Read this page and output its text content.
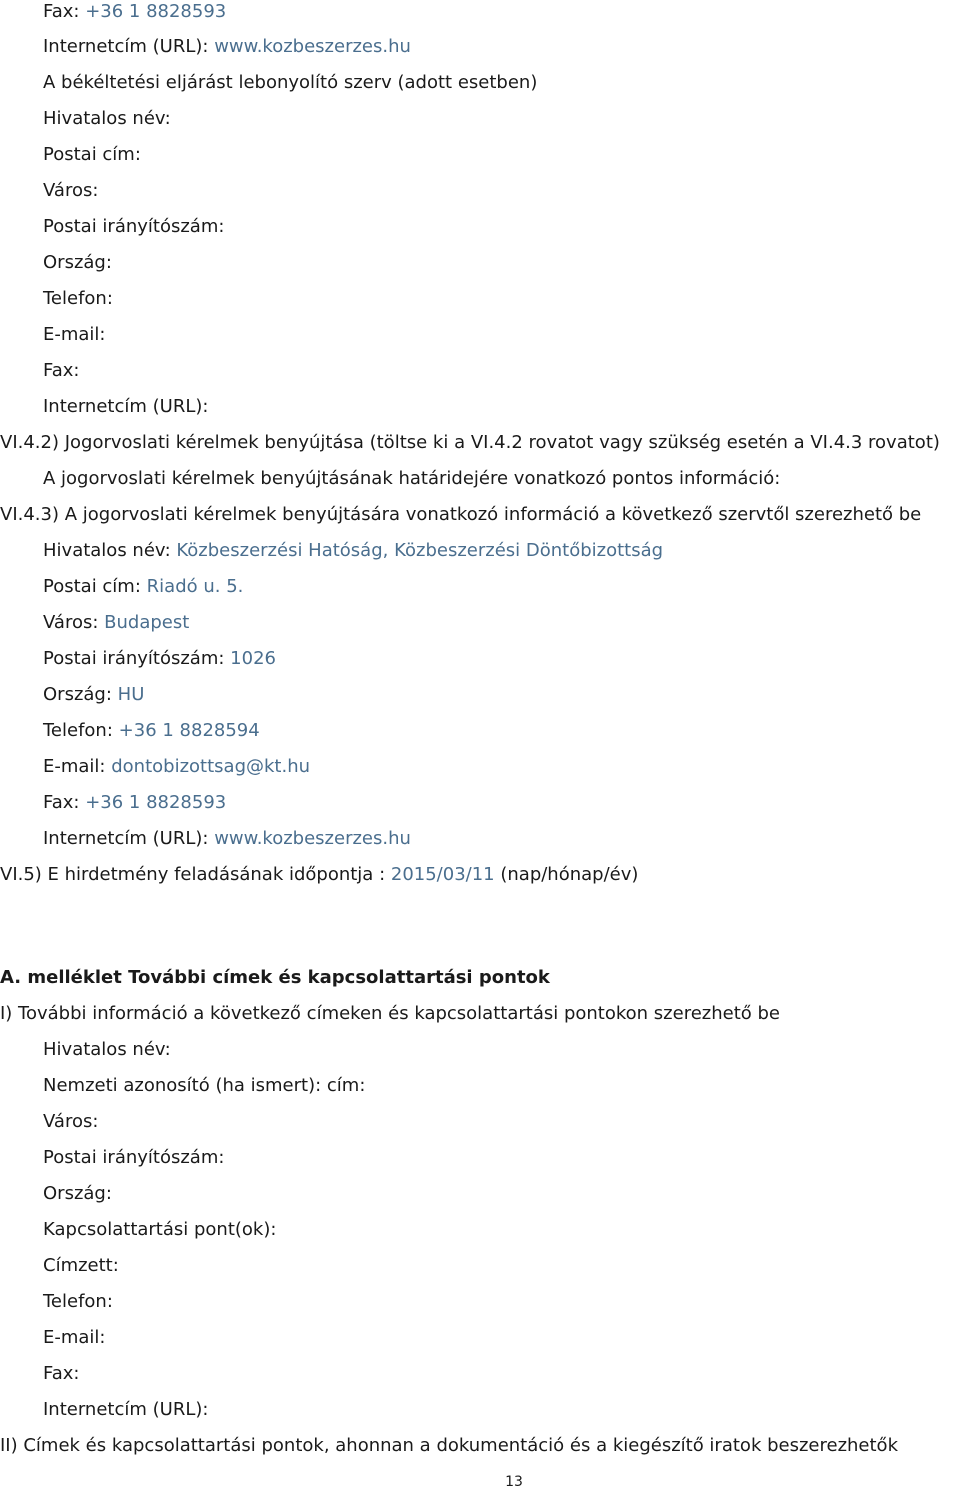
Fax: +36 1 8828593
Internetcím (URL): www.kozbeszerzes.hu
A békéltetési eljárást lebonyolító szerv (adott esetben)
Hivatalos név:
Postai cím:
Város:
Postai irányítószám:
Ország:
Telefon:
E-mail:
Fax:
Internetcím (URL):
VI.4.2) Jogorvoslati kérelmek benyújtása (töltse ki a VI.4.2 rovatot vagy szükség esetén a VI.4.3 rovatot)
A jogorvoslati kérelmek benyújtásának határidejére vonatkozó pontos információ:
VI.4.3) A jogorvoslati kérelmek benyújtására vonatkozó információ a következő szervtől szerezhető be
Hivatalos név: Közbeszerzési Hatóság, Közbeszerzési Döntőbizottság
Postai cím: Riadó u. 5.
Város: Budapest
Postai irányítószám: 1026
Ország: HU
Telefon: +36 1 8828594
E-mail: dontobizottsag@kt.hu
Fax: +36 1 8828593
Internetcím (URL): www.kozbeszerzes.hu
VI.5) E hirdetmény feladásának időpontja : 2015/03/11 (nap/hónap/év)
A. melléklet További címek és kapcsolattartási pontok
I) További információ a következő címeken és kapcsolattartási pontokon szerezhető be
Hivatalos név:
Nemzeti azonosító (ha ismert): cím:
Város:
Postai irányítószám:
Ország:
Kapcsolattartási pont(ok):
Címzett:
Telefon:
E-mail:
Fax:
Internetcím (URL):
II) Címek és kapcsolattartási pontok, ahonnan a dokumentáció és a kiegészítő iratok beszerezhetők
13
